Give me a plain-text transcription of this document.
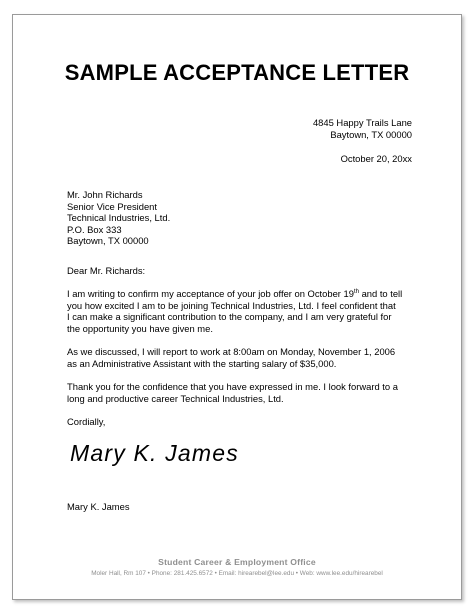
SAMPLE ACCEPTANCE LETTER
4845 Happy Trails Lane
Baytown, TX 00000
October 20, 20xx
Mr. John Richards
Senior Vice President
Technical Industries, Ltd.
P.O. Box 333
Baytown, TX 00000

Dear Mr. Richards:

I am writing to confirm my acceptance of your job offer on October 19th and to tell
you how excited I am to be joining Technical Industries, Ltd. I feel confident that
I can make a significant contribution to the company, and I am very grateful for
the opportunity you have given me.

As we discussed, I will report to work at 8:00am on Monday, November 1, 2006
as an Administrative Assistant with the starting salary of $35,000.

Thank you for the confidence that you have expressed in me. I look forward to a
long and productive career Technical Industries, Ltd.

Cordially,

Mary K. James
Mary K. James
Student Career & Employment Office
Moler Hall, Rm 107 • Phone: 281.425.6572 • Email: hirearebel@lee.edu • Web: www.lee.edu/hirearebel
